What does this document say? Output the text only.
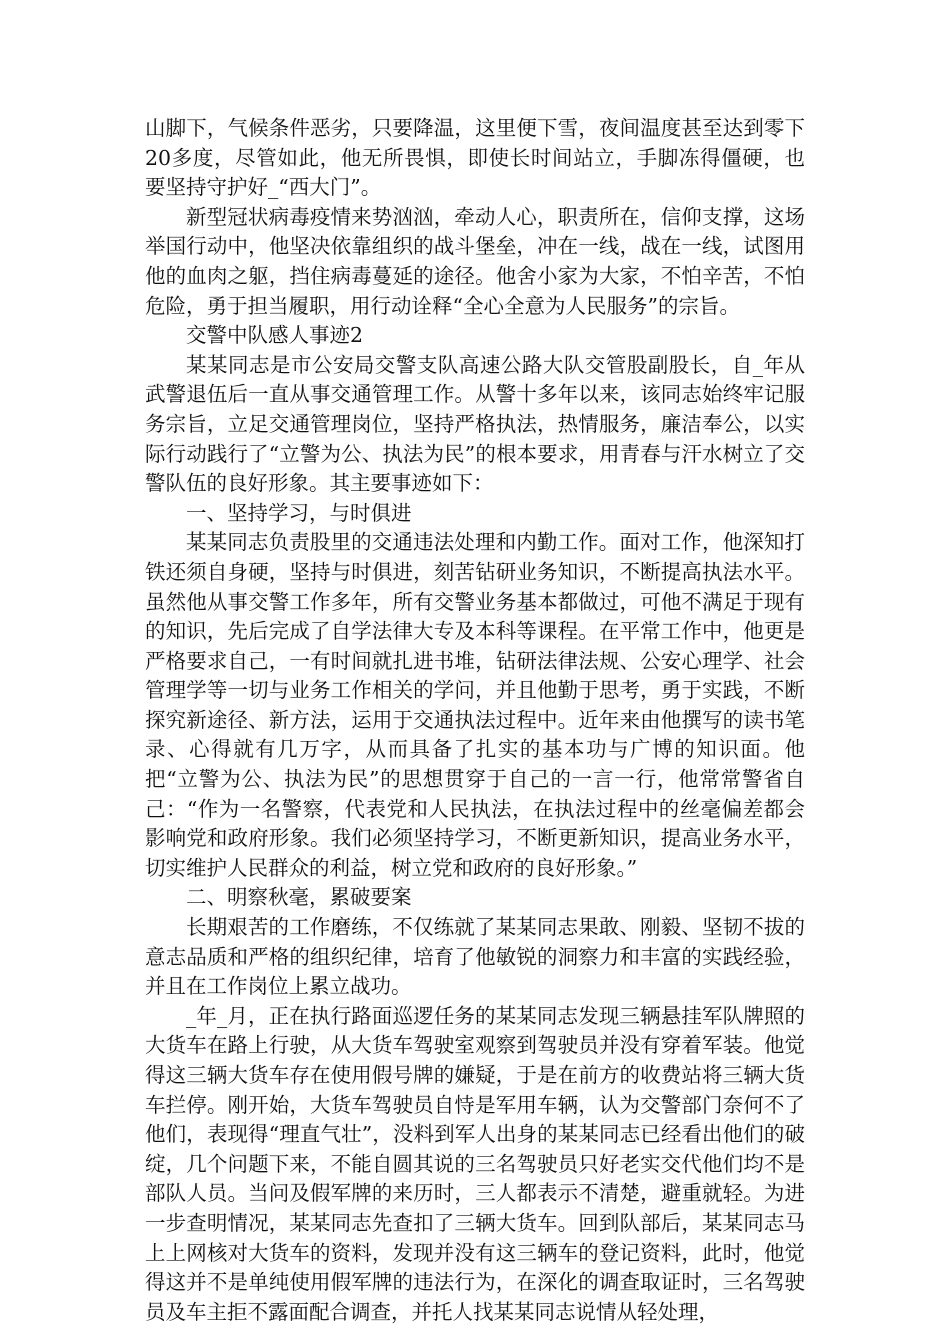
山脚下，气候条件恶劣，只要降温，这里便下雪，夜间温度甚至达到零下20多度，尽管如此，他无所畏惧，即使长时间站立，手脚冻得僵硬，也要坚持守护好_“西大门”。

新型冠状病毒疫情来势汹汹，牵动人心，职责所在，信仰支撑，这场举国行动中，他坚决依靠组织的战斗堡垒，冲在一线，战在一线，试图用他的血肉之躯，挡住病毒蔓延的途径。他舍小家为大家，不怕辛苦，不怕危险，勇于担当履职，用行动诠释“全心全意为人民服务”的宗旨。

交警中队感人事迹2

某某同志是市公安局交警支队高速公路大队交管股副股长，自_年从武警退伍后一直从事交通管理工作。从警十多年以来，该同志始终牢记服务宗旨，立足交通管理岗位，坚持严格执法，热情服务，廉洁奉公，以实际行动践行了“立警为公、执法为民”的根本要求，用青春与汗水树立了交警队伍的良好形象。其主要事迹如下：

一、坚持学习，与时俱进

某某同志负责股里的交通违法处理和内勤工作。面对工作，他深知打铁还须自身硬，坚持与时俱进，刻苦钻研业务知识，不断提高执法水平。虽然他从事交警工作多年，所有交警业务基本都做过，可他不满足于现有的知识，先后完成了自学法律大专及本科等课程。在平常工作中，他更是严格要求自己，一有时间就扎进书堆，钻研法律法规、公安心理学、社会管理学等一切与业务工作相关的学问，并且他勤于思考，勇于实践，不断探究新途径、新方法，运用于交通执法过程中。近年来由他撰写的读书笔录、心得就有几万字，从而具备了扎实的基本功与广博的知识面。他把“立警为公、执法为民”的思想贯穿于自己的一言一行，他常常警省自己：“作为一名警察，代表党和人民执法，在执法过程中的丝毫偏差都会影响党和政府形象。我们必须坚持学习，不断更新知识，提高业务水平，切实维护人民群众的利益，树立党和政府的良好形象。”

二、明察秋毫，累破要案

长期艰苦的工作磨练，不仅练就了某某同志果敢、刚毅、坚韧不拔的意志品质和严格的组织纪律，培育了他敏锐的洞察力和丰富的实践经验，并且在工作岗位上累立战功。

_年_月，正在执行路面巡逻任务的某某同志发现三辆悬挂军队牌照的大货车在路上行驶，从大货车驾驶室观察到驾驶员并没有穿着军装。他觉得这三辆大货车存在使用假号牌的嫌疑，于是在前方的收费站将三辆大货车拦停。刚开始，大货车驾驶员自恃是军用车辆，认为交警部门奈何不了他们，表现得“理直气壮”，没料到军人出身的某某同志已经看出他们的破绽，几个问题下来，不能自圆其说的三名驾驶员只好老实交代他们均不是部队人员。当问及假军牌的来历时，三人都表示不清楚，避重就轻。为进一步查明情况，某某同志先查扣了三辆大货车。回到队部后，某某同志马上上网核对大货车的资料，发现并没有这三辆车的登记资料，此时，他觉得这并不是单纯使用假军牌的违法行为，在深化的调查取证时，三名驾驶员及车主拒不露面配合调查，并托人找某某同志说情从轻处理，
